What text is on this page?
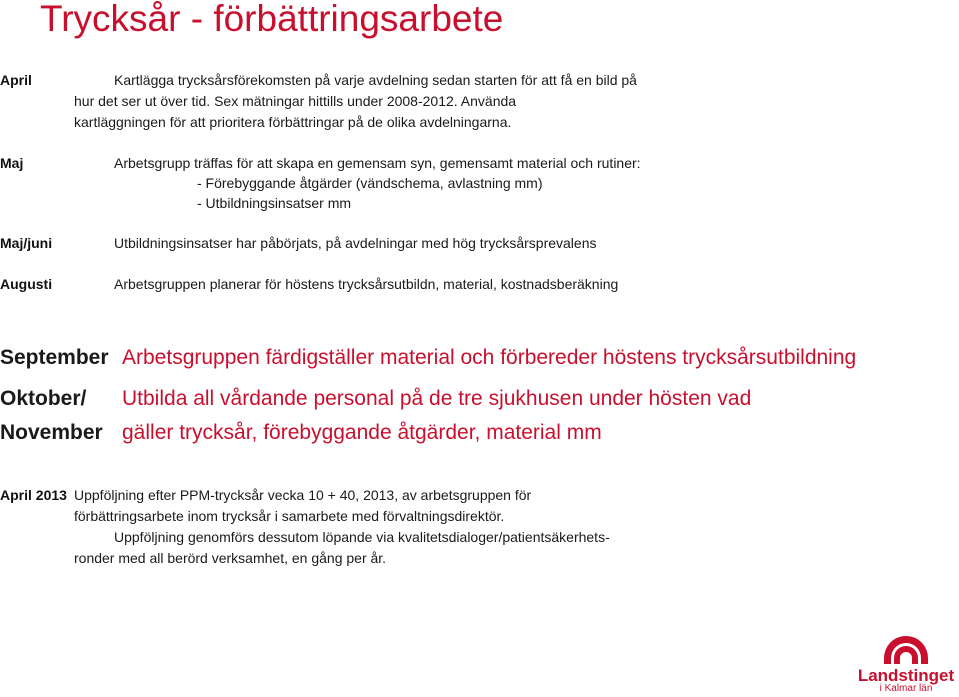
Trycksår - förbättringsarbete
April	Kartlägga trycksårsförekomsten på varje avdelning sedan starten för att få en bild på
hur det ser ut över tid. Sex mätningar hittills under 2008-2012. Använda
kartläggningen för att prioritera förbättringar på de olika avdelningarna.
Maj	Arbetsgrupp träffas för att skapa en gemensam syn, gemensamt material och rutiner:
- Förebyggande åtgärder (vändschema, avlastning mm)
- Utbildningsinsatser mm
Maj/juni	Utbildningsinsatser har påbörjats, på avdelningar med hög trycksårsprevalens
Augusti	Arbetsgruppen planerar för höstens trycksårsutbildn, material, kostnadsberäkning
September Arbetsgruppen färdigställer material och förbereder höstens trycksårsutbildning
Oktober/ Utbilda all vårdande personal på de tre sjukhusen under hösten vad
November gäller trycksår, förebyggande åtgärder, material mm
April 2013 Uppföljning efter PPM-trycksår vecka 10 + 40, 2013, av arbetsgruppen för
förbättringsarbete inom trycksår i samarbete med förvaltningsdirektör.
Uppföljning genomförs dessutom löpande via kvalitetsdialoger/patientsäkerhets-
ronder med all berörd verksamhet, en gång per år.
Landstinget
i Kalmar län
